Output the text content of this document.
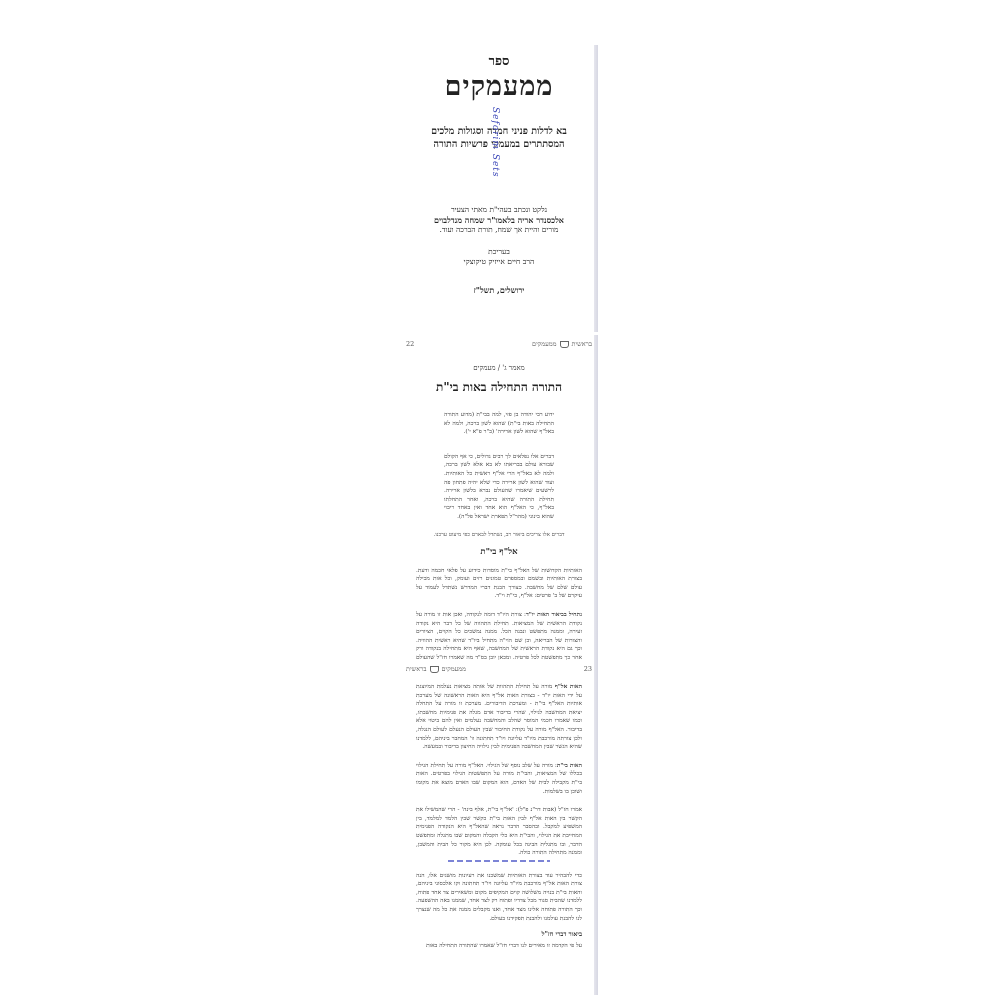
ספר
ממעמקים
בא לדלות פניני חמדה וסגולות מלכים
המסתתרים במעמקי פרשיות התורה
נלקט ונכתב בעהי"ת מאתי הצעיר
אלכסנדר אריה בלאמו"ר שמחה מנדלבוים
מורים והיית אך שמח, תורת הברכה ועוד.
בעריכת
הרב חיים אייזיק טיקוצקי
ירושלים, תשל"ז
Seforim Sets
בראשית
ממעמקים
22
מאמר ג' / מעמקים
התורה התחילה באות בי"ת
ידוע רבי יהודה בן פזי, למה בבי"ת (מדוע התורה התחילה באות בי"ת) שהוא לשון ברכה, ולמה לא באל"ף שהוא לשון ארירה' (ב"ר פ"א י').
דברים אלו נפלאים לך רבים גדולים, כי אף הקולם שבורא עולם בבריאתו לא בא אלא לשון ברכה, ולמה לא באל"ף הרי אל"ף ראשית כל האותיות. ועוד שהוא לשון ארירה כדי שלא יהיה פתחון פה לרשעים שיאמרו שהעולם נברא בלשון ארירה. תחילת התורה שהיא ברכה, ואחר התחלתו באל"ף, כי האל"ף הוא אחד ואין באחד ריבוי שהוא בינוני (מהר"ל תפארת ישראל פל"ה).
דברים אלו צריכים ביאור רב, נשתדל לבארם כפי מיעוט ערכנו.
אל"ף בי"ת
האותיות הקדושות של האל"ף בי"ת מוסדות כידוע על פלאי חכמה ודעת. בצורת האותיות ובשמם ובמספרם טמונים רזים ועומק, וכל אות מכילה עולם שלם של מחשבה. כצורך הבנת דברי המדרש נשתדל לעמוד על עיקרם של ב' פרטים: אל"ף, בי"ת וי"ד.
נתחיל בביאור האות יו"ד: צורת היו"ד דומה לנקודה, ואכן אות זו מורה על נקודת הראשית של המציאות. תחילת התהווה של כל דבר היא נקודה זעירה, וממנה מתפשט ונבנה הכל. ממנה נמשכים כל הקוים, הציורים והצורות של הבריאה, וכן שם הוי"ה מתחיל ביו"ד שהיא ראשית ההוויה. וכך גם היא נקודת הראשית של המחשבה, שאף היא מתחילה בנקודה ורק אחר כך מתפשטת לכל פרטיה. ומכאן יובן בס"ד מה שאמרו חז"ל שהעולם
23
ממעמקים
בראשית
האות אל"ף מורה על תחילת התהוות של אותה מציאות נעלמת המיוצגת על ידי האות יו"ד - בצורת האות אל"ף היא האות הראשונה של מערכת אותיות האל"ף בי"ת - ומערכת הדיבורים. מערכת זו מורה על התחלה יציאת המחשבה לגילוי, שהרי בדיבור אדם מגלה את פנימיות מחשבתו, וכמו שאמרו חכמי המוסר שהלב והמחשבה נעלמים ואין להם ביטוי אלא בדיבור. האל"ף מורה על נקודת החיבור שבין העולם הנעלם לעולם הנגלה, ולכן צורתה מורכבת מיו"ד עליונה ויו"ד תחתונה וו' המחבר ביניהם, ללמדנו שהיא הגשר שבין המחשבה הפנימית לבין גילויה החיצון בדיבור ובמעשה.
האות בי"ת: מורה על שלב נוסף של הגילוי. האל"ף מורה על תחילת הגילוי בכללו של המציאות, והבי"ת מורה על התפשטות הגילוי בפרטים. האות בי"ת מקבילה לבית של האדם, הוא המקום שבו האדם מוצא את מקומו ושוכן בו בשלמות.
אמרו חז"ל (אבות דר"נ פ"ל): 'אל"ף בי"ת, אלף בינה' - הרי שהמשילו את הקשר בין האות אל"ף לבין האות בי"ת כקשר שבין הלמד למלמד, בין המשפיע למקבל. ובהסבר הדבר נראה שהאל"ף היא הנקודה הפנימית המחייבת את הגילוי, והבי"ת היא כלי הקבלה והמקום שבו מתגלה ומתפשט הדבר, ובו מתגלית הבינה בכל עומקה. לכן היא מקור כל הבית והמשכן, וממנה מתחילה התורה כולה.
כדי להבהיר עוד בצורת האותיות שמשכנו את רעיונות מושגים אלו, הנה צורת האות אל"ף מורכבת מיו"ד עליונה ויו"ד תחתונה וקו אלכסוני ביניהם, והאות בי"ת בנויה משלושה קוים המקיפים מקום ומשאירים צד אחד פתוח, ללמדנו שהבית סגור מכל צדדיו ופתוח רק לצד אחד, שממנו באה ההשפעה. וכך התורה פתוחה אלינו מצד אחד, ואנו מקבלים ממנה את כל מה שנצרך לנו להבנת עולמנו ולהבנת תפקידנו בעולם.
ביאור דברי חז"ל
על פי הקדמה זו מאירים לנו דברי חז"ל שאמרו שהתורה התחילה באות
